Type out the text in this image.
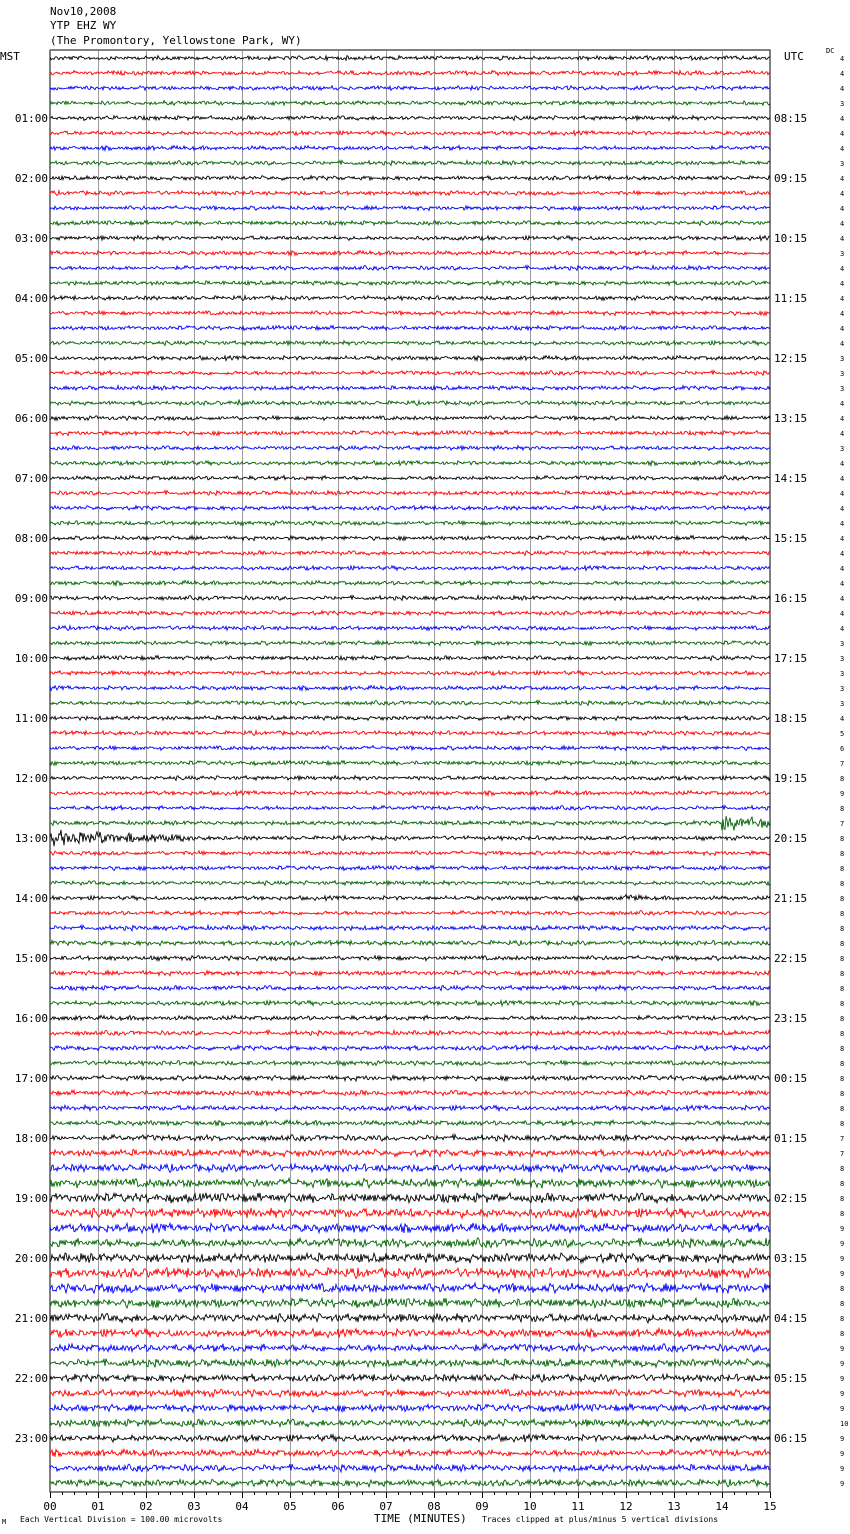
Nov10,2008
YTP EHZ WY
(The Promontory, Yellowstone Park, WY)
MST	UTC	DC
00	01	02	03	04	05	06	07	08	09	10	11	12	13	14	15
4
4
4
3
4
4
4
3
4
4
4
4
4
3
4
4
4
4
4
4
3
3
3
4
4
4
3
4
4
4
4
4
4
4
4
4
4
4
4
3
3
3
3
3
4
5
6
7
8
9
8
7
8
8
8
8
8
8
8
8
8
8
8
8
8
8
8
8
8
8
8
8
7
7
8
8
8
8
9
9
9
9
8
8
8
8
9
9
9
9
9
10
9
9
9
9
01:00	08:15
02:00	09:15
03:00	10:15
04:00	11:15
05:00	12:15
06:00	13:15
07:00	14:15
08:00	15:15
09:00	16:15
10:00	17:15
11:00	18:15
12:00	19:15
13:00	20:15
14:00	21:15
15:00	22:15
16:00	23:15
17:00	00:15
18:00	01:15
19:00	02:15
20:00	03:15
21:00	04:15
22:00	05:15
23:00	06:15
M Each Vertical Division = 100.00 microvolts	TIME (MINUTES) Traces clipped at plus/minus 5 vertical divisions
